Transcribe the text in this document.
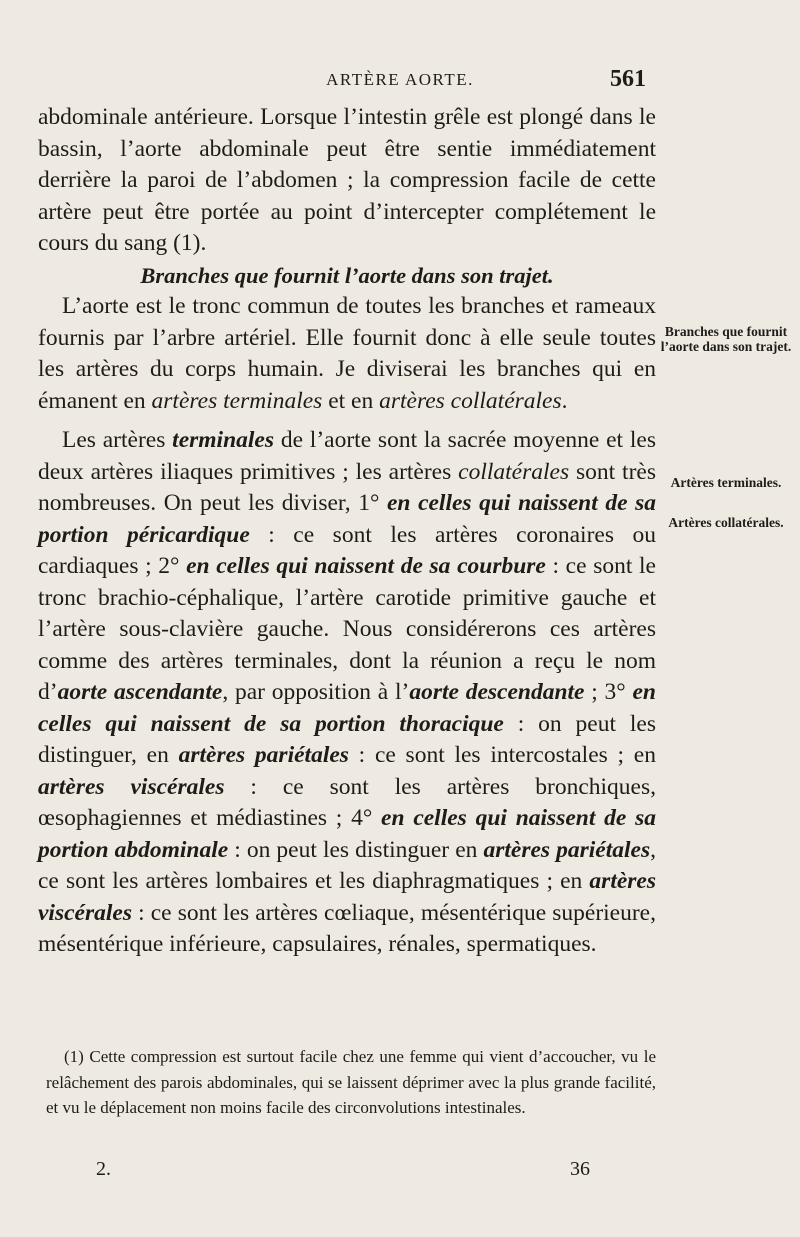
ARTÈRE AORTE.	561

abdominale antérieure. Lorsque l’intestin grêle est plongé dans le bassin, l’aorte abdominale peut être sentie immédiatement derrière la paroi de l’abdomen ; la compression facile de cette artère peut être portée au point d’intercepter complétement le cours du sang (1).

Branches que fournit l’aorte dans son trajet.

L’aorte est le tronc commun de toutes les branches et rameaux fournis par l’arbre artériel. Elle fournit donc à elle seule toutes les artères du corps humain. Je diviserai les branches qui en émanent en artères terminales et en artères collatérales.

Les artères terminales de l’aorte sont la sacrée moyenne et les deux artères iliaques primitives ; les artères collatérales sont très nombreuses. On peut les diviser, 1° en celles qui naissent de sa portion péricardique : ce sont les artères coronaires ou cardiaques ; 2° en celles qui naissent de sa courbure : ce sont le tronc brachio-céphalique, l’artère carotide primitive gauche et l’artère sous-clavière gauche. Nous considérerons ces artères comme des artères terminales, dont la réunion a reçu le nom d’aorte ascendante, par opposition à l’aorte descendante ; 3° en celles qui naissent de sa portion thoracique : on peut les distinguer, en artères pariétales : ce sont les intercostales ; en artères viscérales : ce sont les artères bronchiques, œsophagiennes et médiastines ; 4° en celles qui naissent de sa portion abdominale : on peut les distinguer en artères pariétales, ce sont les artères lombaires et les diaphragmatiques ; en artères viscérales : ce sont les artères cœliaque, mésentérique supérieure, mésentérique inférieure, capsulaires, rénales, spermatiques.

Branches que fournit l’aorte dans son trajet.
Artères terminales.
Artères collatérales.

(1) Cette compression est surtout facile chez une femme qui vient d’accoucher, vu le relâchement des parois abdominales, qui se laissent déprimer avec la plus grande facilité, et vu le déplacement non moins facile des circonvolutions intestinales.

2.	36
